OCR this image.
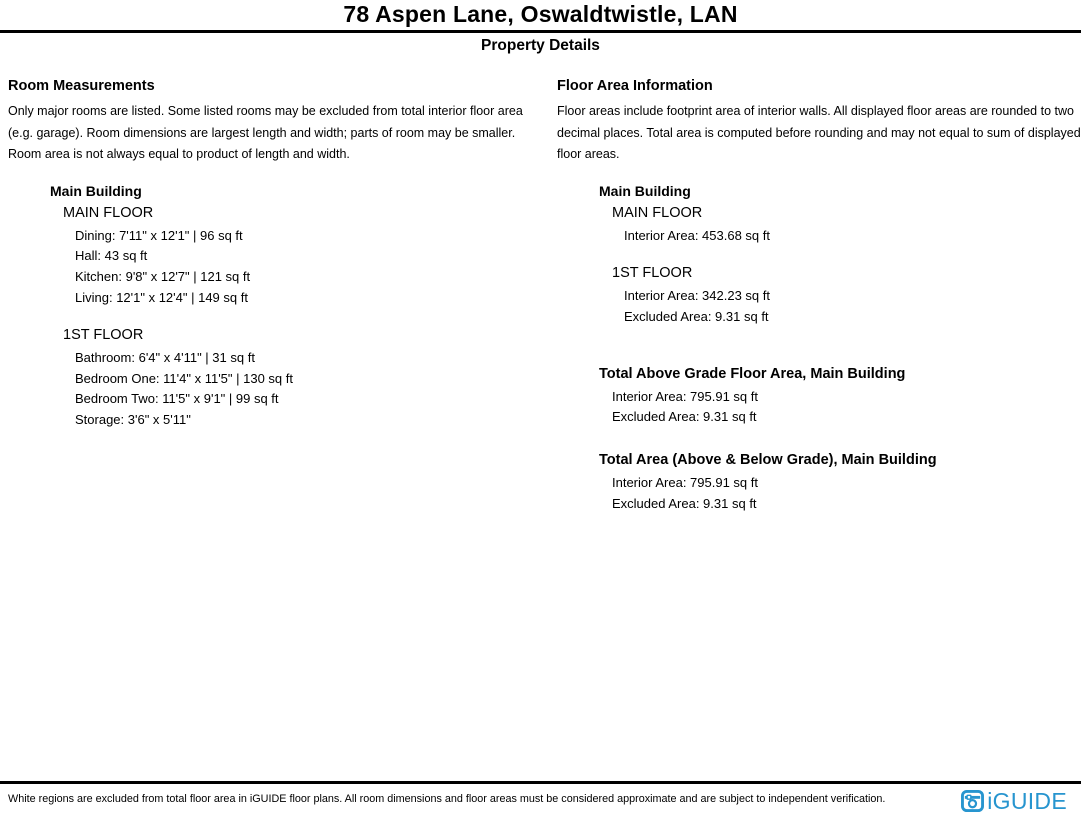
78 Aspen Lane, Oswaldtwistle, LAN
Property Details
Room Measurements
Only major rooms are listed. Some listed rooms may be excluded from total interior floor area
(e.g. garage). Room dimensions are largest length and width; parts of room may be smaller.
Room area is not always equal to product of length and width.
Main Building
MAIN FLOOR
Dining: 7'11" x 12'1" | 96 sq ft
Hall: 43 sq ft
Kitchen: 9'8" x 12'7" | 121 sq ft
Living: 12'1" x 12'4" | 149 sq ft
1ST FLOOR
Bathroom: 6'4" x 4'11" | 31 sq ft
Bedroom One: 11'4" x 11'5" | 130 sq ft
Bedroom Two: 11'5" x 9'1" | 99 sq ft
Storage: 3'6" x 5'11"
Floor Area Information
Floor areas include footprint area of interior walls. All displayed floor areas are rounded to two
decimal places. Total area is computed before rounding and may not equal to sum of displayed
floor areas.
Main Building
MAIN FLOOR
Interior Area: 453.68 sq ft
1ST FLOOR
Interior Area: 342.23 sq ft
Excluded Area: 9.31 sq ft
Total Above Grade Floor Area, Main Building
Interior Area: 795.91 sq ft
Excluded Area: 9.31 sq ft
Total Area (Above & Below Grade), Main Building
Interior Area: 795.91 sq ft
Excluded Area: 9.31 sq ft
White regions are excluded from total floor area in iGUIDE floor plans. All room dimensions and floor areas must be considered approximate and are subject to independent verification.	iGUIDE
